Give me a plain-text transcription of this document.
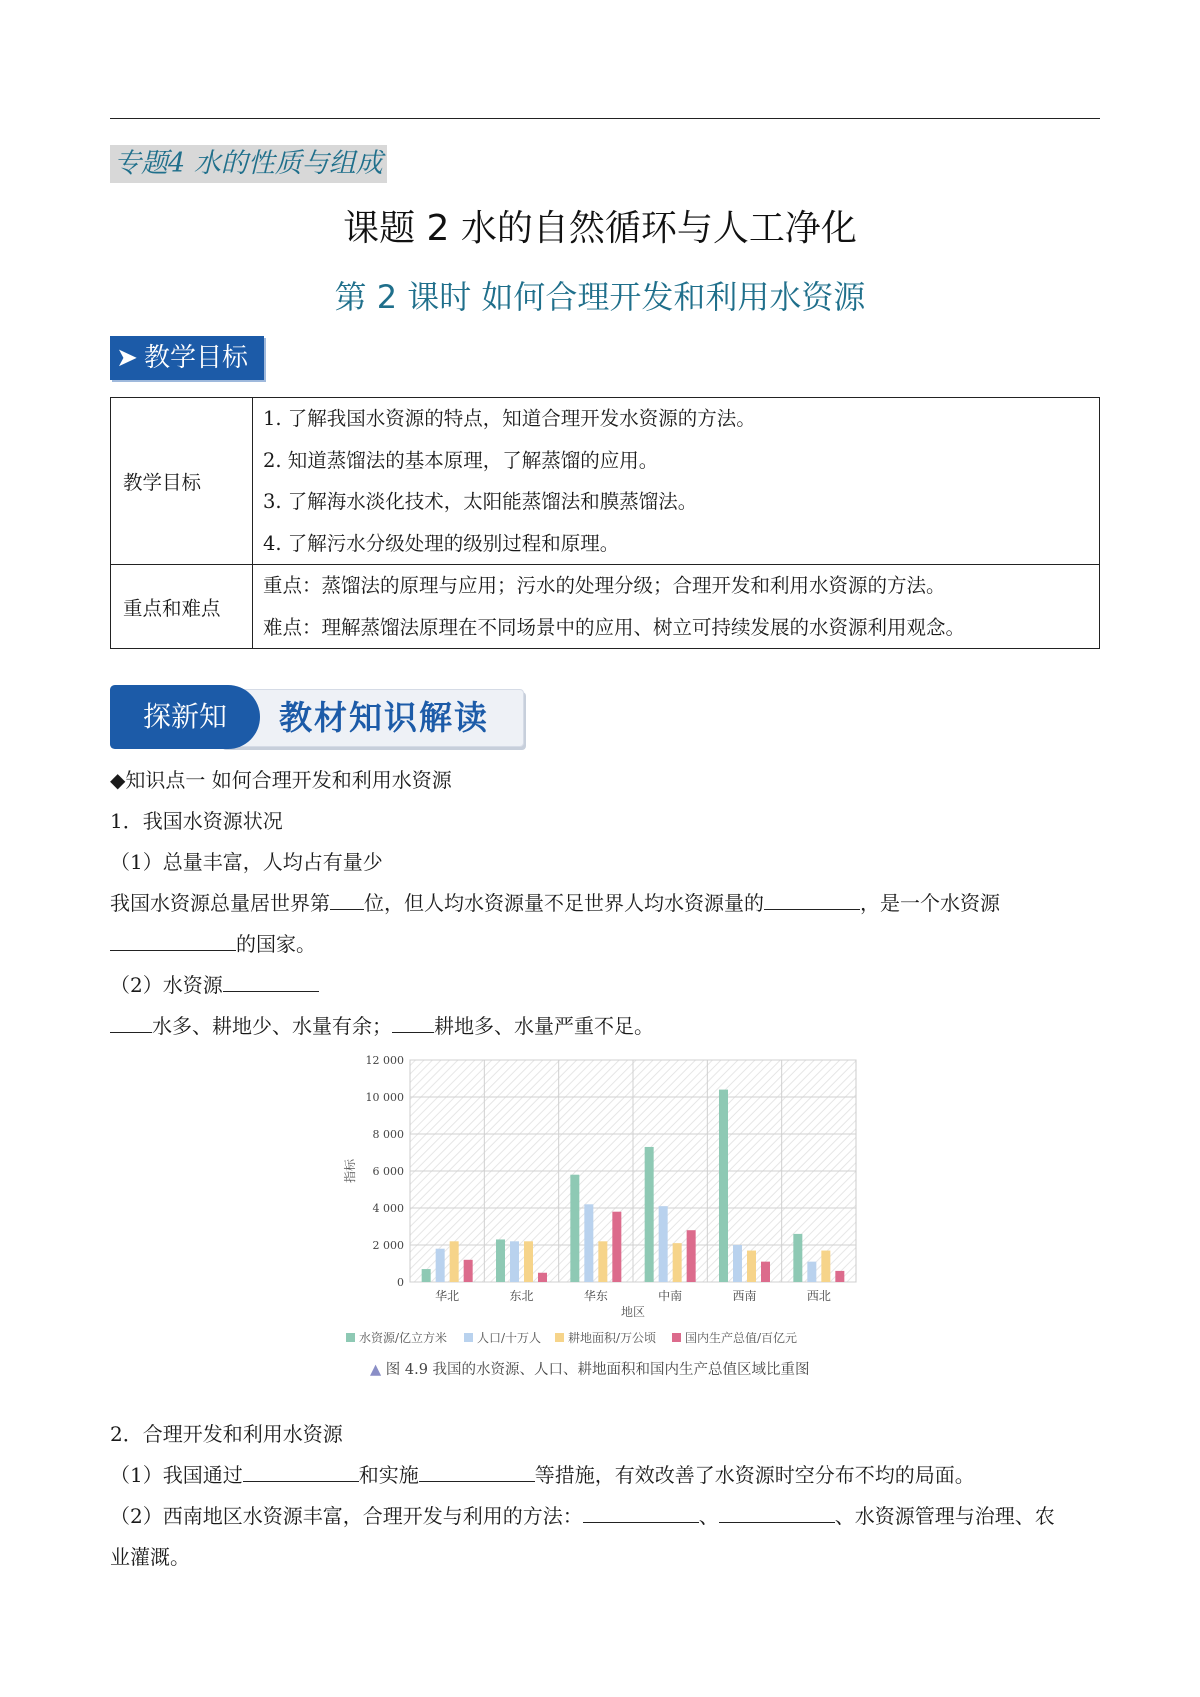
专题4 水的性质与组成
课题 2 水的自然循环与人工净化
第 2 课时 如何合理开发和利用水资源
➤ 教学目标
教学目标	1. 了解我国水资源的特点，知道合理开发水资源的方法。
2. 知道蒸馏法的基本原理，了解蒸馏的应用。
3. 了解海水淡化技术，太阳能蒸馏法和膜蒸馏法。
4. 了解污水分级处理的级别过程和原理。

重点和难点	重点：蒸馏法的原理与应用；污水的处理分级；合理开发和利用水资源的方法。
难点：理解蒸馏法原理在不同场景中的应用、树立可持续发展的水资源利用观念。
探新知	教材知识解读
◆知识点一 如何合理开发和利用水资源
1．我国水资源状况
（1）总量丰富，人均占有量少
我国水资源总量居世界第 位，但人均水资源量不足世界人均水资源量的	，是一个水资源
的国家。
（2）水资源
水多、耕地少、水量有余； 耕地多、水量严重不足。
0
2 000
4 000
6 000
8 000
10 000
12 000
华北	东北	华东	中南	西南	西北
指标
地区
水资源/亿立方米 人口/十万人 耕地面积/万公顷 国内生产总值/百亿元
▲ 图 4.9 我国的水资源、人口、耕地面积和国内生产总值区域比重图
2．合理开发和利用水资源
（1）我国通过	和实施	等措施，有效改善了水资源时空分布不均的局面。
（2）西南地区水资源丰富，合理开发与利用的方法：	、	、水资源管理与治理、农
业灌溉。
